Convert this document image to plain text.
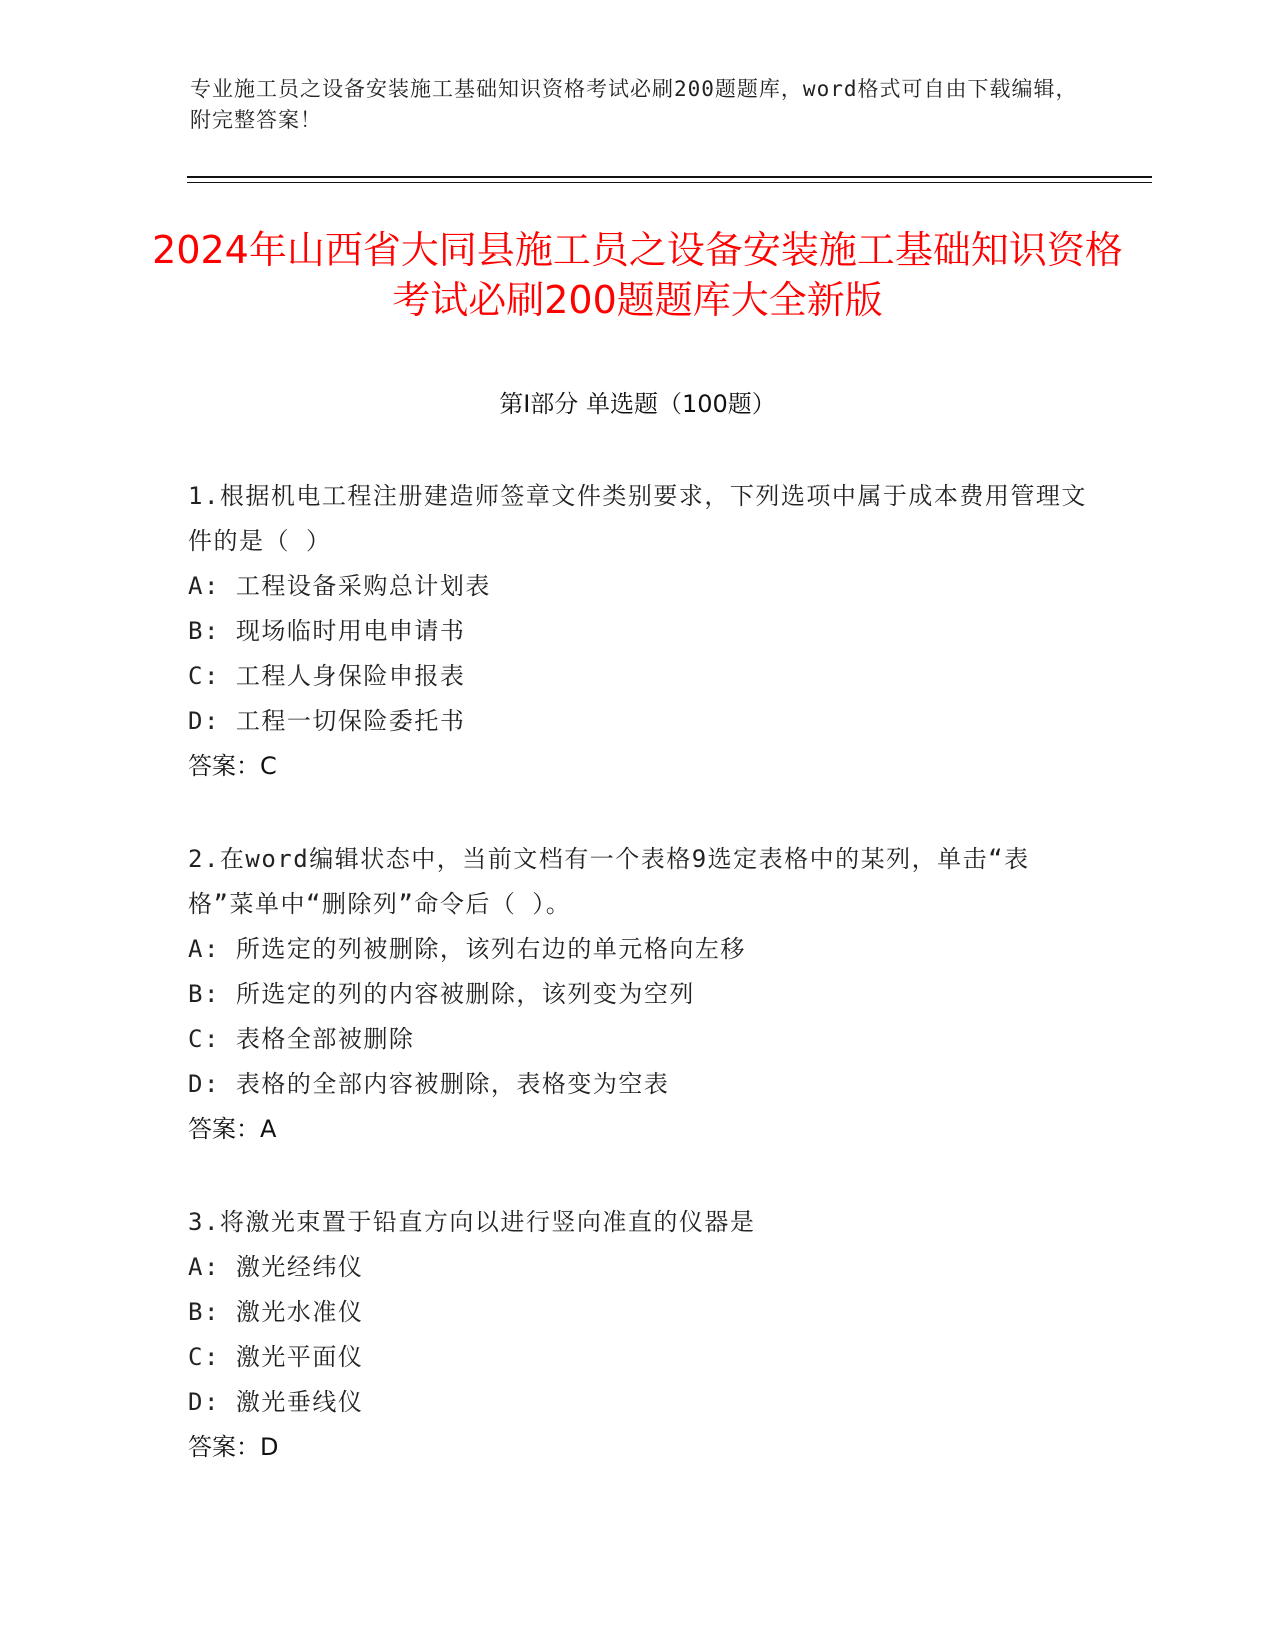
专业施工员之设备安装施工基础知识资格考试必刷200题题库，word格式可自由下载编辑，附完整答案！
2024年山西省大同县施工员之设备安装施工基础知识资格考试必刷200题题库大全新版
第Ⅰ部分 单选题（100题）

1.根据机电工程注册建造师签章文件类别要求，下列选项中属于成本费用管理文件的是（ ）

A: 工程设备采购总计划表

B: 现场临时用电申请书

C: 工程人身保险申报表

D: 工程一切保险委托书

答案：C

2.在word编辑状态中，当前文档有一个表格9选定表格中的某列，单击“表格”菜单中“删除列”命令后（ ）。

A: 所选定的列被删除，该列右边的单元格向左移

B: 所选定的列的内容被删除，该列变为空列

C: 表格全部被删除

D: 表格的全部内容被删除，表格变为空表

答案：A

3.将激光束置于铅直方向以进行竖向准直的仪器是

A: 激光经纬仪

B: 激光水准仪

C: 激光平面仪

D: 激光垂线仪

答案：D
